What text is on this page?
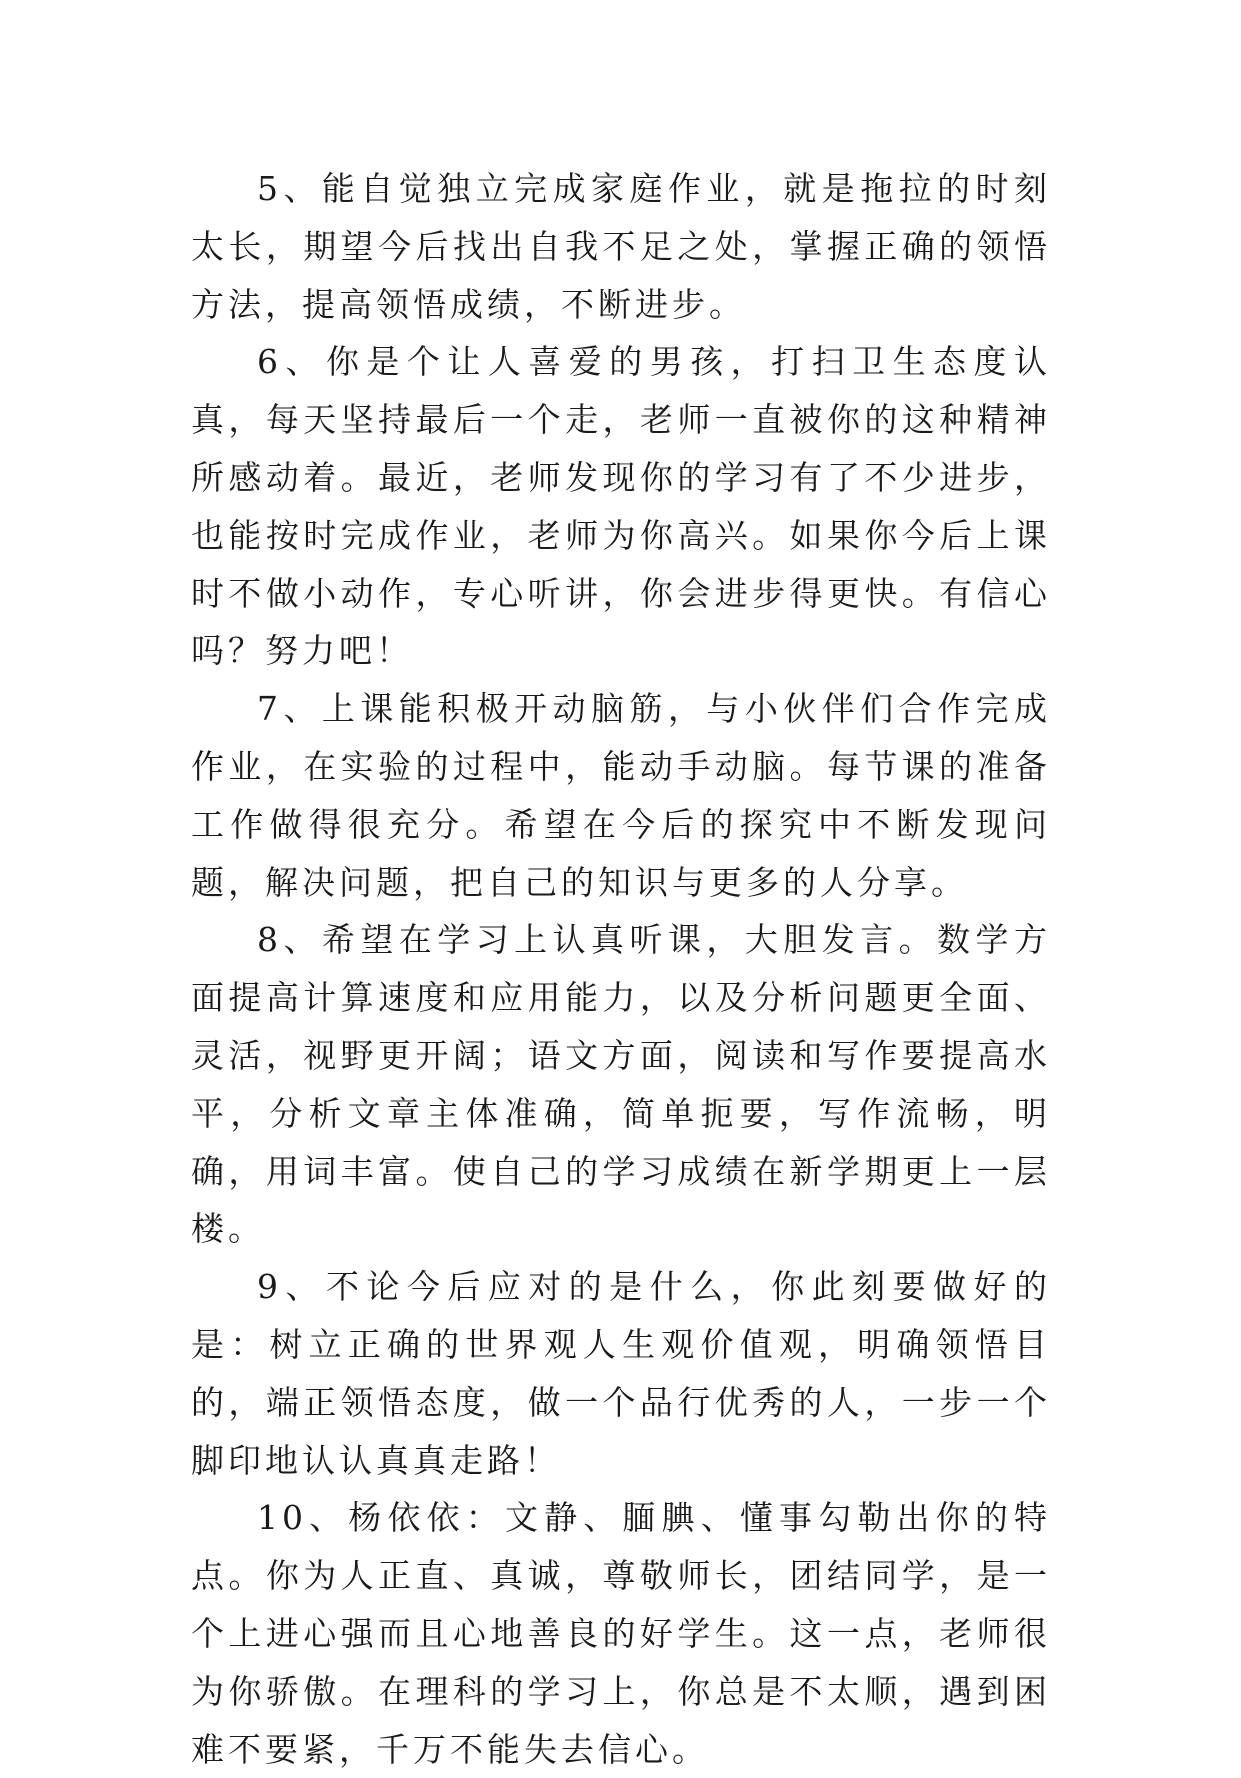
5、能自觉独立完成家庭作业，就是拖拉的时刻太长，期望今后找出自我不足之处，掌握正确的领悟方法，提高领悟成绩，不断进步。

6、你是个让人喜爱的男孩，打扫卫生态度认真，每天坚持最后一个走，老师一直被你的这种精神所感动着。最近，老师发现你的学习有了不少进步，也能按时完成作业，老师为你高兴。如果你今后上课时不做小动作，专心听讲，你会进步得更快。有信心吗？努力吧！

7、上课能积极开动脑筋，与小伙伴们合作完成作业，在实验的过程中，能动手动脑。每节课的准备工作做得很充分。希望在今后的探究中不断发现问题，解决问题，把自己的知识与更多的人分享。

8、希望在学习上认真听课，大胆发言。数学方面提高计算速度和应用能力，以及分析问题更全面、灵活，视野更开阔；语文方面，阅读和写作要提高水平，分析文章主体准确，简单扼要，写作流畅，明确，用词丰富。使自己的学习成绩在新学期更上一层楼。

9、不论今后应对的是什么，你此刻要做好的是：树立正确的世界观人生观价值观，明确领悟目的，端正领悟态度，做一个品行优秀的人，一步一个脚印地认认真真走路！

10、杨依依：文静、腼腆、懂事勾勒出你的特点。你为人正直、真诚，尊敬师长，团结同学，是一个上进心强而且心地善良的好学生。这一点，老师很为你骄傲。在理科的学习上，你总是不太顺，遇到困难不要紧，千万不能失去信心。
